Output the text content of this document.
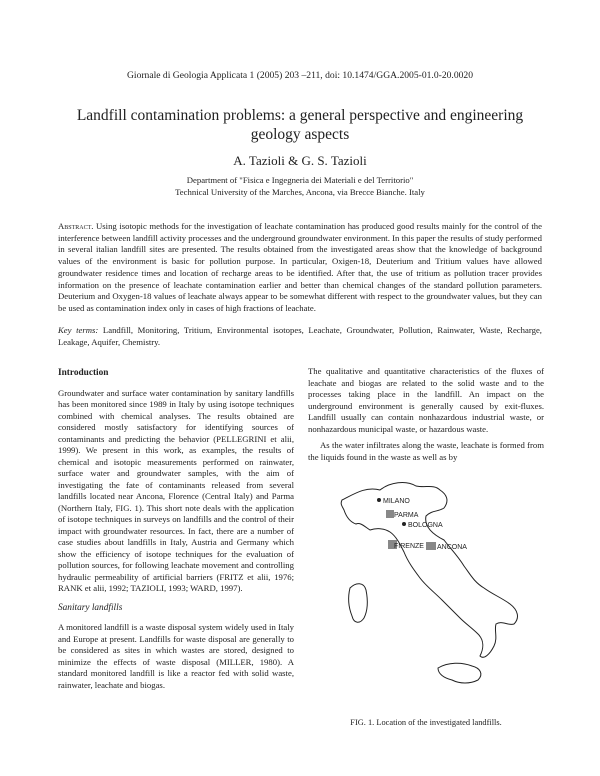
Giornale di Geologia Applicata 1 (2005) 203 –211, doi: 10.1474/GGA.2005-01.0-20.0020
Landfill contamination problems: a general perspective and engineering geology aspects
A. Tazioli & G. S. Tazioli
Department of "Fisica e Ingegneria dei Materiali e del Territorio"
Technical University of the Marches, Ancona, via Brecce Bianche. Italy
Abstract. Using isotopic methods for the investigation of leachate contamination has produced good results mainly for the control of the interference between landfill activity processes and the underground groundwater environment. In this paper the results of study performed in several italian landfill sites are presented. The results obtained from the investigated areas show that the knowledge of background values of the environment is basic for pollution purpose. In particular, Oxigen-18, Deuterium and Tritium values have allowed groundwater residence times and location of recharge areas to be identified. After that, the use of tritium as pollution tracer provides information on the presence of leachate contamination earlier and better than chemical changes of the standard pollution parameters. Deuterium and Oxygen-18 values of leachate always appear to be somewhat different with respect to the groundwater values, but they can be used as contamination index only in cases of high fractions of leachate.
Key terms: Landfill, Monitoring, Tritium, Environmental isotopes, Leachate, Groundwater, Pollution, Rainwater, Waste, Recharge, Leakage, Aquifer, Chemistry.

Introduction

Groundwater and surface water contamination by sanitary landfills has been monitored since 1989 in Italy by using isotope techniques combined with chemical analyses. The results obtained are considered mostly satisfactory for identifying sources of contaminants and predicting the behavior (PELLEGRINI et alii, 1999). We present in this work, as examples, the results of chemical and isotopic measurements performed on rainwater, surface water and groundwater samples, with the aim of investigating the fate of contaminants released from several landfills located near Ancona, Florence (Central Italy) and Parma (Northern Italy, FIG. 1). This short note deals with the application of isotope techniques in surveys on landfills and the control of their impact with groundwater resources. In fact, there are a number of case studies about landfills in Italy, Austria and Germany which show the efficiency of isotope techniques for the evaluation of pollution sources, for following leachate movement and controlling hydraulic permeability of artificial barriers (FRITZ et alii, 1976; RANK et alii, 1992; TAZIOLI, 1993; WARD, 1997).

Sanitary landfills

A monitored landfill is a waste disposal system widely used in Italy and Europe at present. Landfills for waste disposal are generally to be considered as sites in which wastes are stored, designed to minimize the effects of waste disposal (MILLER, 1980). A standard monitored landfill is like a reactor fed with solid waste, rainwater, leachate and biogas.

The qualitative and quantitative characteristics of the fluxes of leachate and biogas are related to the solid waste and to the processes taking place in the landfill. An impact on the underground environment is generally caused by exit-fluxes. Landfill usually can contain nonhazardous industrial waste, or nonhazardous municipal waste, or hazardous waste.

As the water infiltrates along the waste, leachate is formed from the liquids found in the waste as well as by

MILANO
PARMA
BOLOGNA
FIRENZE ANCONA
FIG. 1. Location of the investigated landfills.
